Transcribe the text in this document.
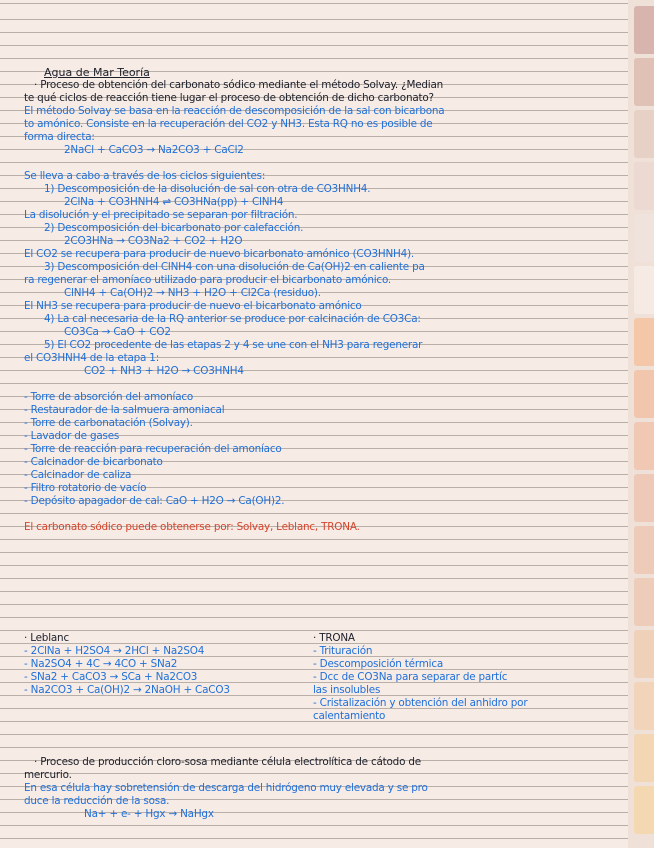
Agua de Mar Teoría
· Proceso de obtención del carbonato sódico mediante el método Solvay. ¿Median
te qué ciclos de reacción tiene lugar el proceso de obtención de dicho carbonato?
El método Solvay se basa en la reacción de descomposición de la sal con bicarbona
to amónico. Consiste en la recuperación del CO2 y NH3. Esta RQ no es posible de
forma directa:
2NaCl + CaCO3 → Na2CO3 + CaCl2
Se lleva a cabo a través de los ciclos siguientes:
1) Descomposición de la disolución de sal con otra de CO3HNH4.
2ClNa + CO3HNH4 ⇌ CO3HNa(pp) + ClNH4
La disolución y el precipitado se separan por filtración.
2) Descomposición del bicarbonato por calefacción.
2CO3HNa → CO3Na2 + CO2 + H2O
El CO2 se recupera para producir de nuevo bicarbonato amónico (CO3HNH4).
3) Descomposición del ClNH4 con una disolución de Ca(OH)2 en caliente pa
ra regenerar el amoníaco utilizado para producir el bicarbonato amónico.
ClNH4 + Ca(OH)2 → NH3 + H2O + Cl2Ca (residuo).
El NH3 se recupera para producir de nuevo el bicarbonato amónico
4) La cal necesaria de la RQ anterior se produce por calcinación de CO3Ca:
CO3Ca → CaO + CO2
5) El CO2 procedente de las etapas 2 y 4 se une con el NH3 para regenerar
el CO3HNH4 de la etapa 1:
CO2 + NH3 + H2O → CO3HNH4
- Torre de absorción del amoníaco
- Restaurador de la salmuera amoniacal
- Torre de carbonatación (Solvay).
- Lavador de gases
- Torre de reacción para recuperación del amoníaco
- Calcinador de bicarbonato
- Calcinador de caliza
- Filtro rotatorio de vacío
- Depósito apagador de cal: CaO + H2O → Ca(OH)2.
El carbonato sódico puede obtenerse por: Solvay, Leblanc, TRONA.
· Leblanc
- 2ClNa + H2SO4 → 2HCl + Na2SO4
- Na2SO4 + 4C → 4CO + SNa2
- SNa2 + CaCO3 → SCa + Na2CO3
- Na2CO3 + Ca(OH)2 → 2NaOH + CaCO3
· TRONA
- Trituración
- Descomposición térmica
- Dcc de CO3Na para separar de partíc
las insolubles
- Cristalización y obtención del anhidro por
calentamiento
· Proceso de producción cloro-sosa mediante célula electrolítica de cátodo de
mercurio.
En esa célula hay sobretensión de descarga del hidrógeno muy elevada y se pro
duce la reducción de la sosa.
Na+ + e- + Hgx → NaHgx
